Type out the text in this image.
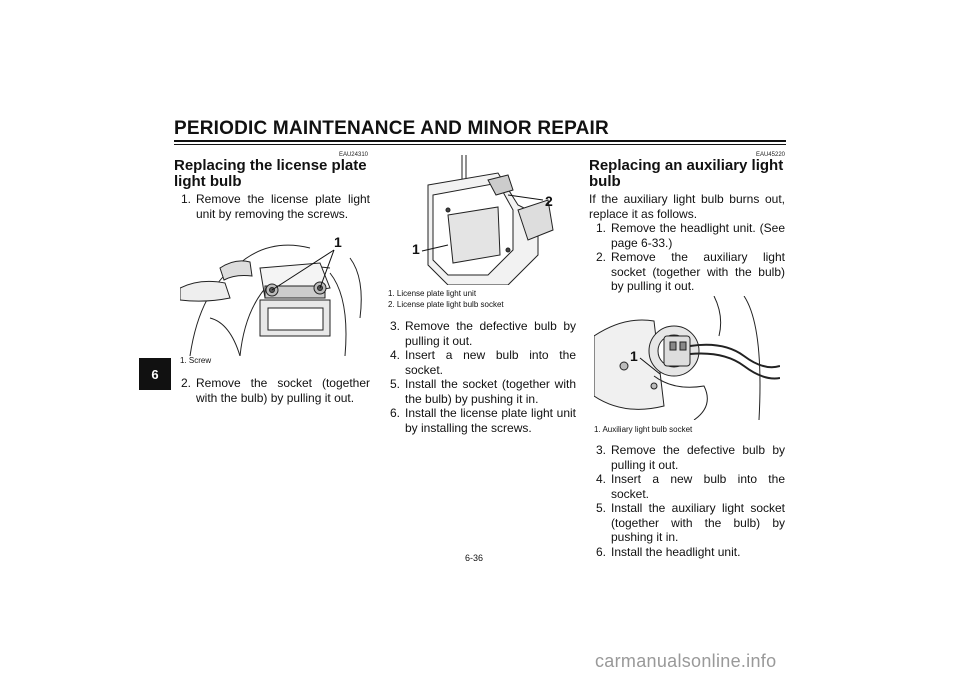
PERIODIC MAINTENANCE AND MINOR REPAIR
6
EAU24310
Replacing the license plate
light bulb
1. Remove the license plate light unit by removing the screws.
1
1. Screw
2. Remove the socket (together with the bulb) by pulling it out.
1
2
1. License plate light unit
2. License plate light bulb socket
3. Remove the defective bulb by pulling it out.
4. Insert a new bulb into the socket.
5. Install the socket (together with the bulb) by pushing it in.
6. Install the license plate light unit by installing the screws.
EAU45220
Replacing an auxiliary light
bulb

If the auxiliary light bulb burns out, replace it as follows.

1. Remove the headlight unit. (See page 6-33.)
2. Remove the auxiliary light socket (together with the bulb) by pulling it out.
1
1. Auxiliary light bulb socket
3. Remove the defective bulb by pulling it out.
4. Insert a new bulb into the socket.
5. Install the auxiliary light socket (together with the bulb) by pushing it in.
6. Install the headlight unit.
6-36
carmanualsonline.info
